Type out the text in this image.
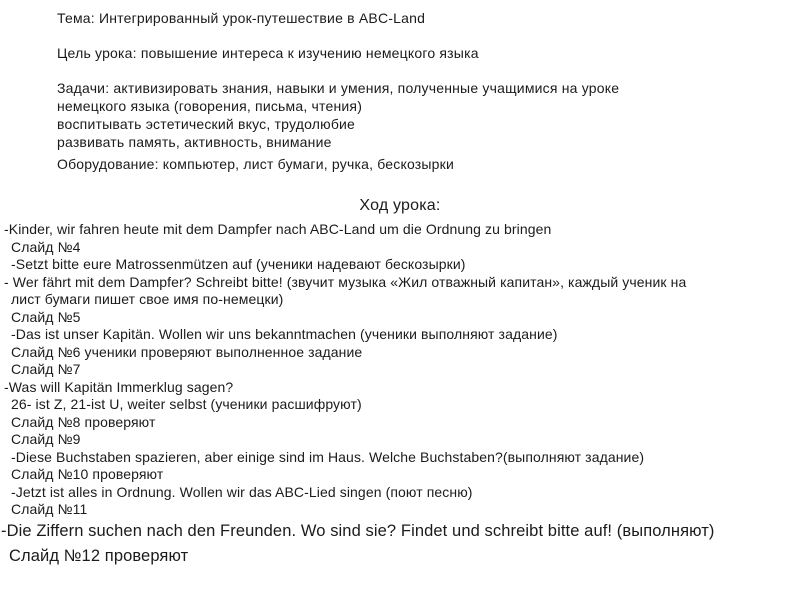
Тема: Интегрированный урок-путешествие в ABC-Land
Цель урока: повышение интереса к изучению немецкого языка
Задачи: активизировать знания, навыки и умения, полученные учащимися на уроке
немецкого языка (говорения, письма, чтения)
воспитывать эстетический вкус, трудолюбие
развивать память, активность, внимание
Оборудование: компьютер, лист бумаги, ручка, бескозырки
Ход урока:
-Kinder, wir fahren heute mit dem Dampfer nach ABC-Land um die Ordnung zu bringen
Слайд №4
-Setzt bitte eure Matrossenmützen auf (ученики надевают бескозырки)
- Wer fährt mit dem Dampfer? Schreibt bitte! (звучит музыка «Жил отважный капитан», каждый ученик на
лист бумаги пишет свое имя по-немецки)
Слайд №5
-Das ist unser Kapitän. Wollen wir uns bekanntmachen (ученики выполняют задание)
Слайд №6 ученики проверяют выполненное задание
Слайд №7
-Was will Kapitän Immerklug sagen?
26- ist Z, 21-ist U, weiter selbst (ученики расшифруют)
Слайд №8 проверяют
Слайд №9
-Diese Buchstaben spazieren, aber einige sind im Haus. Welche Buchstaben?(выполняют задание)
Слайд №10 проверяют
-Jetzt ist alles in Ordnung. Wollen wir das ABC-Lied singen (поют песню)
Слайд №11
-Die Ziffern suchen nach den Freunden. Wo sind sie? Findet und schreibt bitte auf! (выполняют)
Слайд №12 проверяют
